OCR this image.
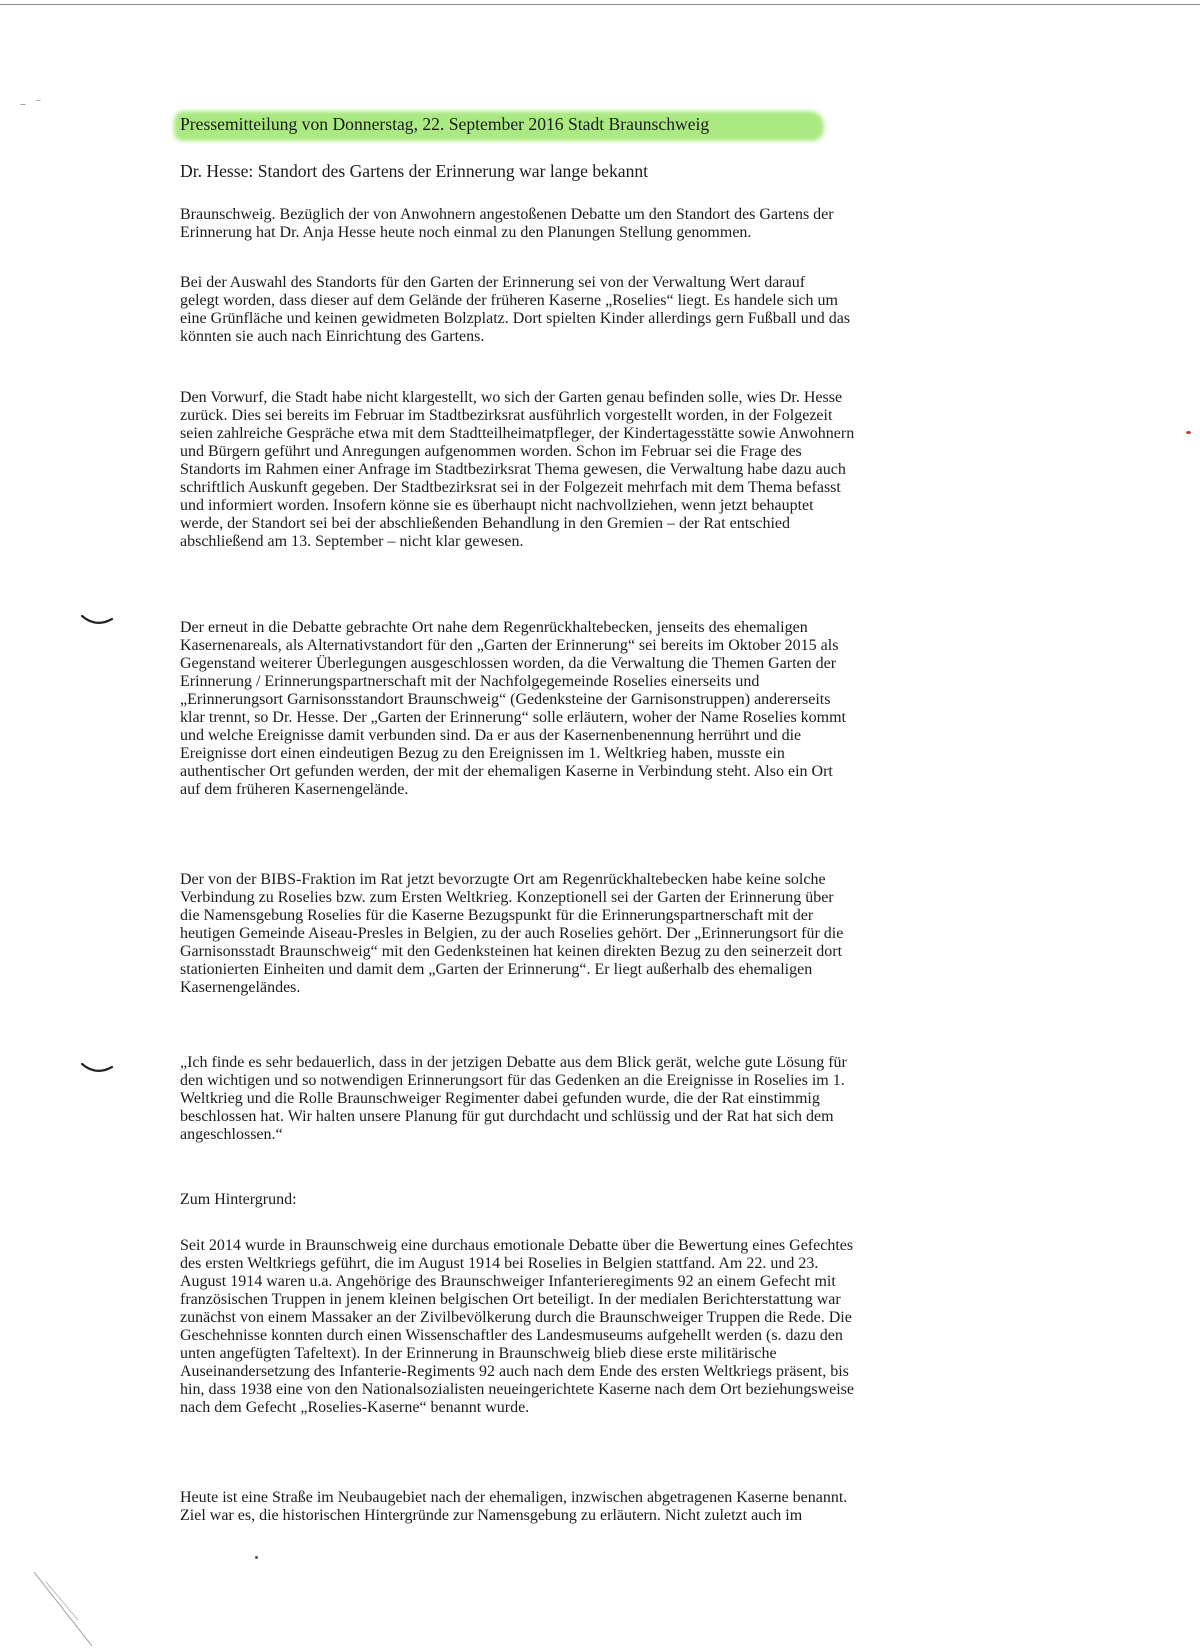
Pressemitteilung von Donnerstag, 22. September 2016 Stadt Braunschweig
Dr. Hesse: Standort des Gartens der Erinnerung war lange bekannt
Braunschweig. Bezüglich der von Anwohnern angestoßenen Debatte um den Standort des Gartens der
Erinnerung hat Dr. Anja Hesse heute noch einmal zu den Planungen Stellung genommen.
Bei der Auswahl des Standorts für den Garten der Erinnerung sei von der Verwaltung Wert darauf
gelegt worden, dass dieser auf dem Gelände der früheren Kaserne „Roselies“ liegt. Es handele sich um
eine Grünfläche und keinen gewidmeten Bolzplatz. Dort spielten Kinder allerdings gern Fußball und das
könnten sie auch nach Einrichtung des Gartens.
Den Vorwurf, die Stadt habe nicht klargestellt, wo sich der Garten genau befinden solle, wies Dr. Hesse
zurück. Dies sei bereits im Februar im Stadtbezirksrat ausführlich vorgestellt worden, in der Folgezeit
seien zahlreiche Gespräche etwa mit dem Stadtteilheimatpfleger, der Kindertagesstätte sowie Anwohnern
und Bürgern geführt und Anregungen aufgenommen worden. Schon im Februar sei die Frage des
Standorts im Rahmen einer Anfrage im Stadtbezirksrat Thema gewesen, die Verwaltung habe dazu auch
schriftlich Auskunft gegeben. Der Stadtbezirksrat sei in der Folgezeit mehrfach mit dem Thema befasst
und informiert worden. Insofern könne sie es überhaupt nicht nachvollziehen, wenn jetzt behauptet
werde, der Standort sei bei der abschließenden Behandlung in den Gremien – der Rat entschied
abschließend am 13. September – nicht klar gewesen.
Der erneut in die Debatte gebrachte Ort nahe dem Regenrückhaltebecken, jenseits des ehemaligen
Kasernenareals, als Alternativstandort für den „Garten der Erinnerung“ sei bereits im Oktober 2015 als
Gegenstand weiterer Überlegungen ausgeschlossen worden, da die Verwaltung die Themen Garten der
Erinnerung / Erinnerungspartnerschaft mit der Nachfolgegemeinde Roselies einerseits und
„Erinnerungsort Garnisonsstandort Braunschweig“ (Gedenksteine der Garnisonstruppen) andererseits
klar trennt, so Dr. Hesse. Der „Garten der Erinnerung“ solle erläutern, woher der Name Roselies kommt
und welche Ereignisse damit verbunden sind. Da er aus der Kasernenbenennung herrührt und die
Ereignisse dort einen eindeutigen Bezug zu den Ereignissen im 1. Weltkrieg haben, musste ein
authentischer Ort gefunden werden, der mit der ehemaligen Kaserne in Verbindung steht. Also ein Ort
auf dem früheren Kasernengelände.
Der von der BIBS-Fraktion im Rat jetzt bevorzugte Ort am Regenrückhaltebecken habe keine solche
Verbindung zu Roselies bzw. zum Ersten Weltkrieg. Konzeptionell sei der Garten der Erinnerung über
die Namensgebung Roselies für die Kaserne Bezugspunkt für die Erinnerungspartnerschaft mit der
heutigen Gemeinde Aiseau-Presles in Belgien, zu der auch Roselies gehört. Der „Erinnerungsort für die
Garnisonsstadt Braunschweig“ mit den Gedenksteinen hat keinen direkten Bezug zu den seinerzeit dort
stationierten Einheiten und damit dem „Garten der Erinnerung“. Er liegt außerhalb des ehemaligen
Kasernengeländes.
„Ich finde es sehr bedauerlich, dass in der jetzigen Debatte aus dem Blick gerät, welche gute Lösung für
den wichtigen und so notwendigen Erinnerungsort für das Gedenken an die Ereignisse in Roselies im 1.
Weltkrieg und die Rolle Braunschweiger Regimenter dabei gefunden wurde, die der Rat einstimmig
beschlossen hat. Wir halten unsere Planung für gut durchdacht und schlüssig und der Rat hat sich dem
angeschlossen.“
Zum Hintergrund:
Seit 2014 wurde in Braunschweig eine durchaus emotionale Debatte über die Bewertung eines Gefechtes
des ersten Weltkriegs geführt, die im August 1914 bei Roselies in Belgien stattfand. Am 22. und 23.
August 1914 waren u.a. Angehörige des Braunschweiger Infanterieregiments 92 an einem Gefecht mit
französischen Truppen in jenem kleinen belgischen Ort beteiligt. In der medialen Berichterstattung war
zunächst von einem Massaker an der Zivilbevölkerung durch die Braunschweiger Truppen die Rede. Die
Geschehnisse konnten durch einen Wissenschaftler des Landesmuseums aufgehellt werden (s. dazu den
unten angefügten Tafeltext). In der Erinnerung in Braunschweig blieb diese erste militärische
Auseinandersetzung des Infanterie-Regiments 92 auch nach dem Ende des ersten Weltkriegs präsent, bis
hin, dass 1938 eine von den Nationalsozialisten neueingerichtete Kaserne nach dem Ort beziehungsweise
nach dem Gefecht „Roselies-Kaserne“ benannt wurde.
Heute ist eine Straße im Neubaugebiet nach der ehemaligen, inzwischen abgetragenen Kaserne benannt.
Ziel war es, die historischen Hintergründe zur Namensgebung zu erläutern. Nicht zuletzt auch im
